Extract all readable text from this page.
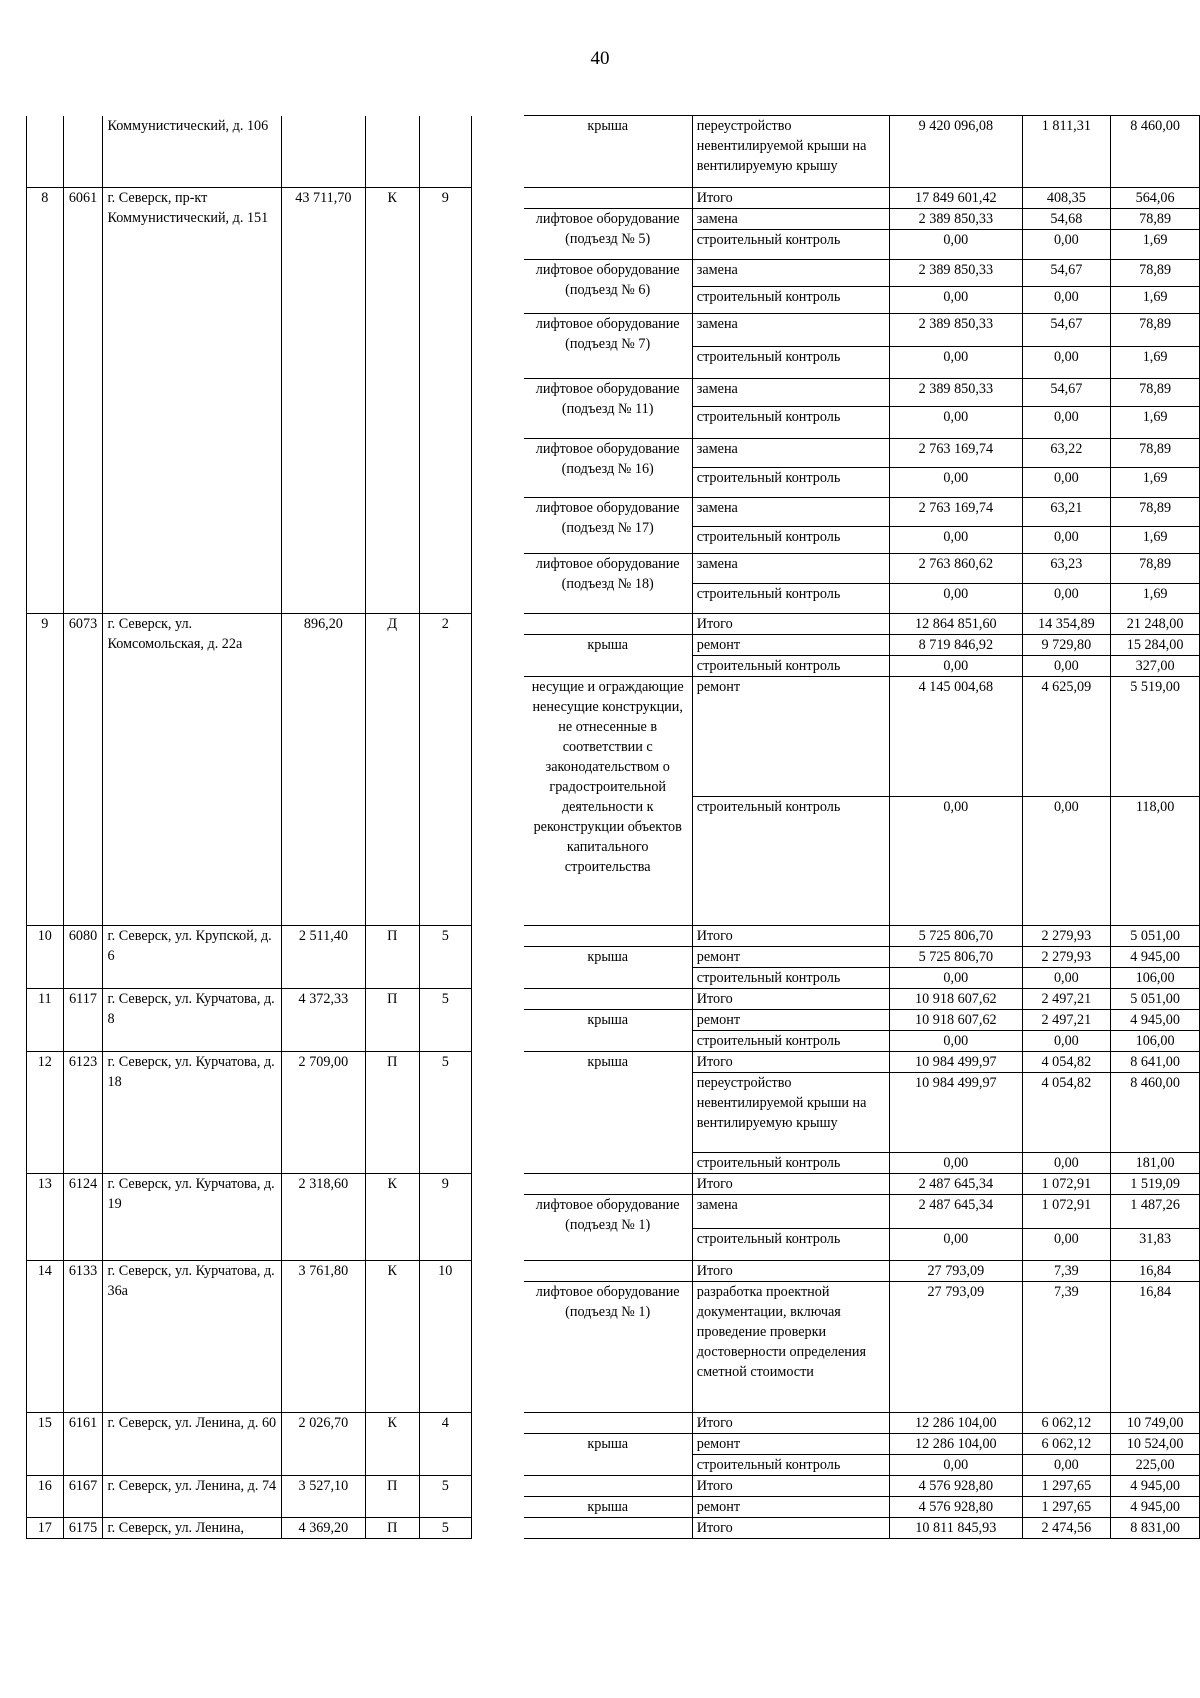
40
		Коммунистический, д. 106					крыша	переустройство невентилируемой крыши на вентилируемую крышу	9 420 096,08	1 811,31	8 460,00
8	6061	г. Северск, пр-кт Коммунистический, д. 151	43 711,70	К	9			Итого	17 849 601,42	408,35	564,06
							лифтовое оборудование (подъезд № 5)	замена	2 389 850,33	54,68	78,89
								строительный контроль	0,00	0,00	1,69
							лифтовое оборудование (подъезд № 6)	замена	2 389 850,33	54,67	78,89
								строительный контроль	0,00	0,00	1,69
							лифтовое оборудование (подъезд № 7)	замена	2 389 850,33	54,67	78,89
								строительный контроль	0,00	0,00	1,69
							лифтовое оборудование (подъезд № 11)	замена	2 389 850,33	54,67	78,89
								строительный контроль	0,00	0,00	1,69
							лифтовое оборудование (подъезд № 16)	замена	2 763 169,74	63,22	78,89
								строительный контроль	0,00	0,00	1,69
							лифтовое оборудование (подъезд № 17)	замена	2 763 169,74	63,21	78,89
								строительный контроль	0,00	0,00	1,69
							лифтовое оборудование (подъезд № 18)	замена	2 763 860,62	63,23	78,89
								строительный контроль	0,00	0,00	1,69
9	6073	г. Северск, ул. Комсомольская, д. 22а	896,20	Д	2			Итого	12 864 851,60	14 354,89	21 248,00
							крыша	ремонт	8 719 846,92	9 729,80	15 284,00
								строительный контроль	0,00	0,00	327,00
							несущие и ограждающие ненесущие конструкции, не отнесенные в соответствии с законодательством о градостроительной деятельности к реконструкции объектов капитального строительства	ремонт	4 145 004,68	4 625,09	5 519,00
								строительный контроль	0,00	0,00	118,00
10	6080	г. Северск, ул. Крупской, д. 6	2 511,40	П	5			Итого	5 725 806,70	2 279,93	5 051,00
							крыша	ремонт	5 725 806,70	2 279,93	4 945,00
								строительный контроль	0,00	0,00	106,00
11	6117	г. Северск, ул. Курчатова, д. 8	4 372,33	П	5			Итого	10 918 607,62	2 497,21	5 051,00
							крыша	ремонт	10 918 607,62	2 497,21	4 945,00
								строительный контроль	0,00	0,00	106,00
12	6123	г. Северск, ул. Курчатова, д. 18	2 709,00	П	5		крыша	Итого	10 984 499,97	4 054,82	8 641,00
								переустройство невентилируемой крыши на вентилируемую крышу	10 984 499,97	4 054,82	8 460,00
								строительный контроль	0,00	0,00	181,00
13	6124	г. Северск, ул. Курчатова, д. 19	2 318,60	К	9			Итого	2 487 645,34	1 072,91	1 519,09
							лифтовое оборудование (подъезд № 1)	замена	2 487 645,34	1 072,91	1 487,26
								строительный контроль	0,00	0,00	31,83
14	6133	г. Северск, ул. Курчатова, д. 36а	3 761,80	К	10			Итого	27 793,09	7,39	16,84
							лифтовое оборудование (подъезд № 1)	разработка проектной документации, включая проведение проверки достоверности определения сметной стоимости	27 793,09	7,39	16,84
15	6161	г. Северск, ул. Ленина, д. 60	2 026,70	К	4			Итого	12 286 104,00	6 062,12	10 749,00
							крыша	ремонт	12 286 104,00	6 062,12	10 524,00
								строительный контроль	0,00	0,00	225,00
16	6167	г. Северск, ул. Ленина, д. 74	3 527,10	П	5			Итого	4 576 928,80	1 297,65	4 945,00
							крыша	ремонт	4 576 928,80	1 297,65	4 945,00
17	6175	г. Северск, ул. Ленина,	4 369,20	П	5			Итого	10 811 845,93	2 474,56	8 831,00
